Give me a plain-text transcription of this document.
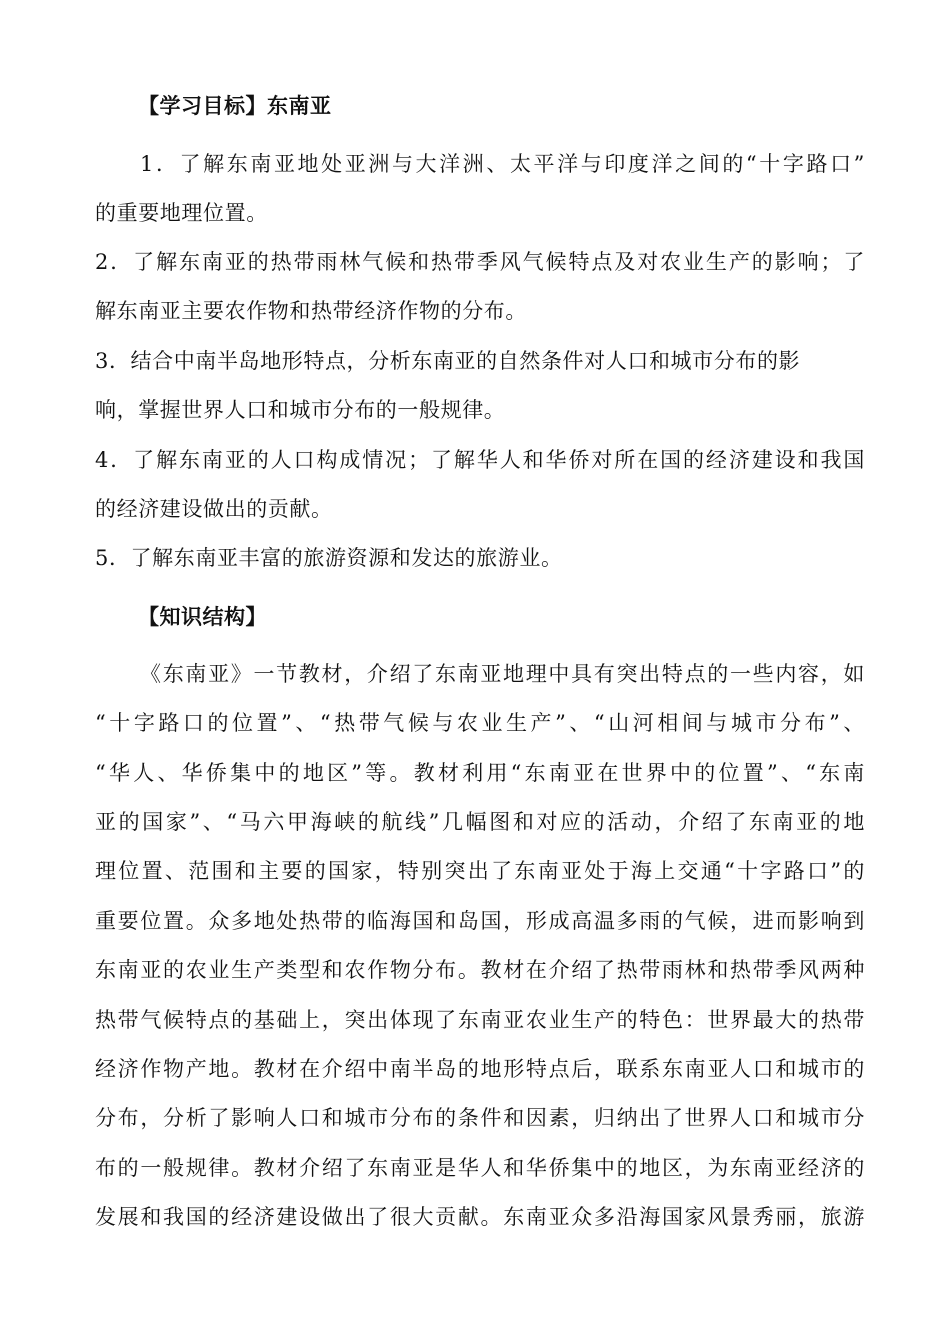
【学习目标】东南亚
1．了解东南亚地处亚洲与大洋洲、太平洋与印度洋之间的“十字路口”
的重要地理位置。
2．了解东南亚的热带雨林气候和热带季风气候特点及对农业生产的影响；了
解东南亚主要农作物和热带经济作物的分布。
3．结合中南半岛地形特点，分析东南亚的自然条件对人口和城市分布的影
响，掌握世界人口和城市分布的一般规律。
4．了解东南亚的人口构成情况；了解华人和华侨对所在国的经济建设和我国
的经济建设做出的贡献。
5．了解东南亚丰富的旅游资源和发达的旅游业。
【知识结构】
《东南亚》一节教材，介绍了东南亚地理中具有突出特点的一些内容，如
“十字路口的位置”、“热带气候与农业生产”、“山河相间与城市分布”、
“华人、华侨集中的地区”等。教材利用“东南亚在世界中的位置”、“东南
亚的国家”、“马六甲海峡的航线”几幅图和对应的活动，介绍了东南亚的地
理位置、范围和主要的国家，特别突出了东南亚处于海上交通“十字路口”的
重要位置。众多地处热带的临海国和岛国，形成高温多雨的气候，进而影响到
东南亚的农业生产类型和农作物分布。教材在介绍了热带雨林和热带季风两种
热带气候特点的基础上，突出体现了东南亚农业生产的特色：世界最大的热带
经济作物产地。教材在介绍中南半岛的地形特点后，联系东南亚人口和城市的
分布，分析了影响人口和城市分布的条件和因素，归纳出了世界人口和城市分
布的一般规律。教材介绍了东南亚是华人和华侨集中的地区，为东南亚经济的
发展和我国的经济建设做出了很大贡献。东南亚众多沿海国家风景秀丽，旅游
